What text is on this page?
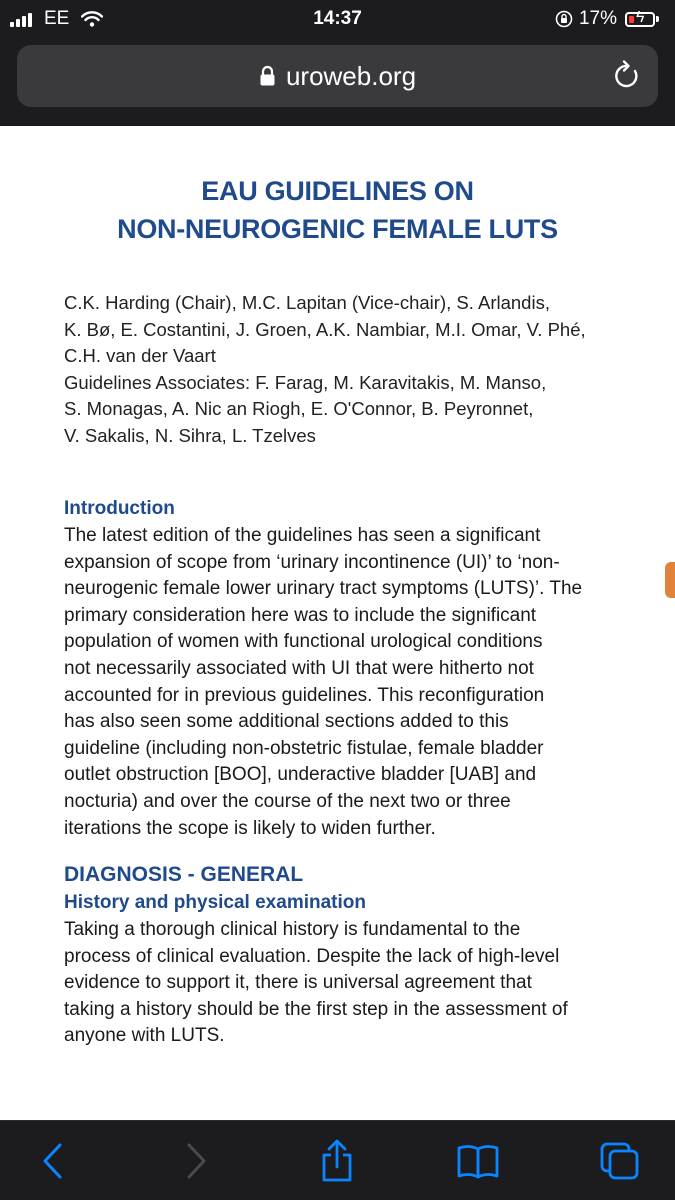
EE	14:37	17% ϟ
uroweb.org
EAU GUIDELINES ON
NON-NEUROGENIC FEMALE LUTS
C.K. Harding (Chair), M.C. Lapitan (Vice-chair), S. Arlandis,
K. Bø, E. Costantini, J. Groen, A.K. Nambiar, M.I. Omar, V. Phé,
C.H. van der Vaart
Guidelines Associates: F. Farag, M. Karavitakis, M. Manso,
S. Monagas, A. Nic an Riogh, E. O'Connor, B. Peyronnet,
V. Sakalis, N. Sihra, L. Tzelves
Introduction
The latest edition of the guidelines has seen a significant
expansion of scope from ‘urinary incontinence (UI)’ to ‘non-
neurogenic female lower urinary tract symptoms (LUTS)’. The
primary consideration here was to include the significant
population of women with functional urological conditions
not necessarily associated with UI that were hitherto not
accounted for in previous guidelines. This reconfiguration
has also seen some additional sections added to this
guideline (including non-obstetric fistulae, female bladder
outlet obstruction [BOO], underactive bladder [UAB] and
nocturia) and over the course of the next two or three
iterations the scope is likely to widen further.
DIAGNOSIS - GENERAL
History and physical examination
Taking a thorough clinical history is fundamental to the
process of clinical evaluation. Despite the lack of high-level
evidence to support it, there is universal agreement that
taking a history should be the first step in the assessment of
anyone with LUTS.
